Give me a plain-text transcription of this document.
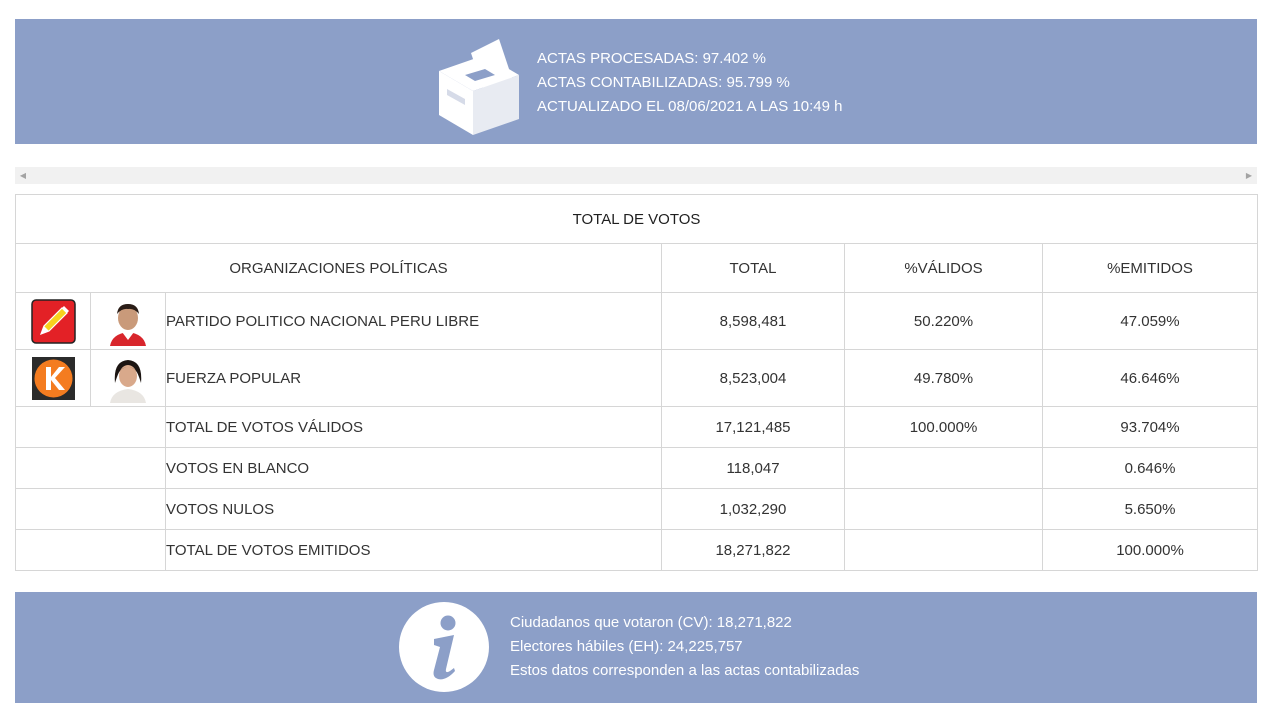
ACTAS PROCESADAS: 97.402 %
ACTAS CONTABILIZADAS: 95.799 %
ACTUALIZADO EL 08/06/2021 A LAS 10:49 h
◀	▶
TOTAL DE VOTOS					
ORGANIZACIONES POLÍTICAS			TOTAL	%VÁLIDOS	%EMITIDOS
		PARTIDO POLITICO NACIONAL PERU LIBRE	8,598,481	50.220%	47.059%
		FUERZA POPULAR	8,523,004	49.780%	46.646%
		TOTAL DE VOTOS VÁLIDOS	17,121,485	100.000%	93.704%
		VOTOS EN BLANCO	118,047		0.646%
		VOTOS NULOS	1,032,290		5.650%
		TOTAL DE VOTOS EMITIDOS	18,271,822		100.000%
Ciudadanos que votaron (CV): 18,271,822
Electores hábiles (EH): 24,225,757
Estos datos corresponden a las actas contabilizadas
